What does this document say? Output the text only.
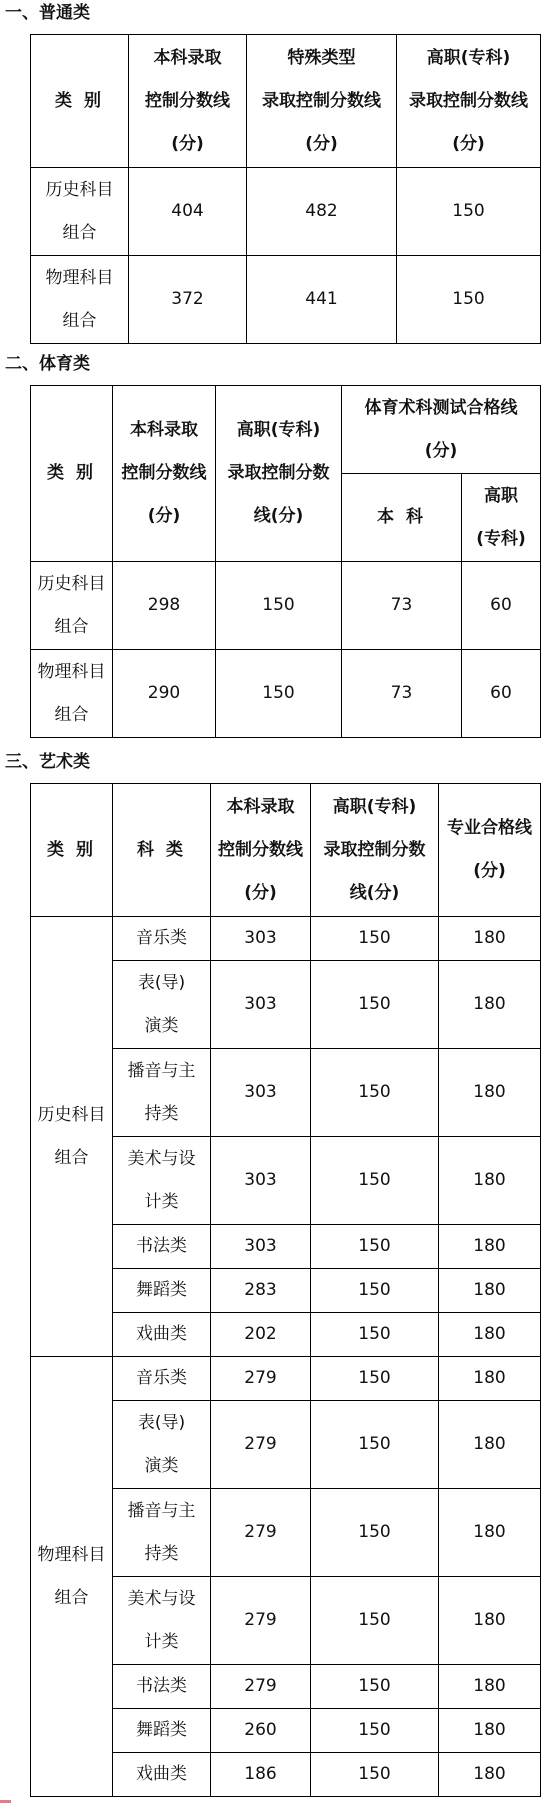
一、普通类
类 别	本科录取
控制分数线
(分)	特殊类型
录取控制分数线
(分)	高职(专科)
录取控制分数线
(分)

历史科目
组合	404	482	150

物理科目
组合	372	441	150
二、体育类
类 别	本科录取
控制分数线
(分)	高职(专科)
录取控制分数
线(分)	体育术科测试合格线
(分)	

			本 科	高职
(专科)

历史科目
组合	298	150	73	60

物理科目
组合	290	150	73	60
三、艺术类
类 别	科 类	本科录取
控制分数线
(分)	高职(专科)
录取控制分数
线(分)	专业合格线
(分)

历史科目
组合	音乐类	303	150	180

	表(导)
演类	303	150	180

	播音与主
持类	303	150	180

	美术与设
计类	303	150	180
	书法类	303	150	180
	舞蹈类	283	150	180
	戏曲类	202	150	180

物理科目
组合	音乐类	279	150	180

	表(导)
演类	279	150	180

	播音与主
持类	279	150	180

	美术与设
计类	279	150	180
	书法类	279	150	180
	舞蹈类	260	150	180
	戏曲类	186	150	180
